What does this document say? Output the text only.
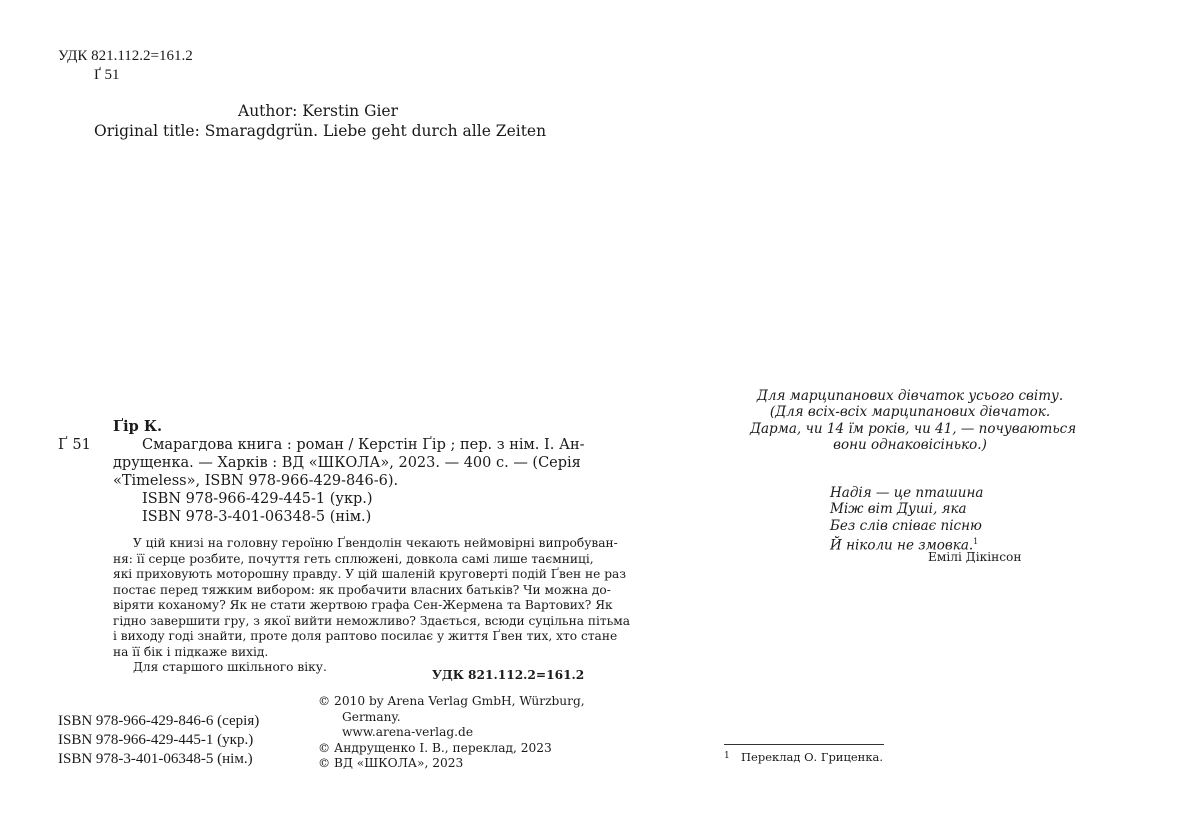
УДК 821.112.2=161.2
Ґ 51
Author: Kerstin Gier
Original title: Smaragdgrün. Liebe geht durch alle Zeiten
Ґір К.
Ґ 51	Смарагдова книга : роман / Керстін Ґір ; пер. з нім. І. Ан-
друщенка. — Харків : ВД «ШКОЛА», 2023. — 400 с. — (Серія
«Timeless», ISBN 978-966-429-846-6).
ISBN 978-966-429-445-1 (укр.)
ISBN 978-3-401-06348-5 (нім.)

У цій книзі на головну героїню Ґвендолін чекають неймовірні випробуван-

ня: її серце розбите, почуття геть сплюжені, довкола самі лише таємниці,

які приховують моторошну правду. У цій шаленій круговерті подій Ґвен не раз

постає перед тяжким вибором: як пробачити власних батьків? Чи можна до-

віряти коханому? Як не стати жертвою графа Сен-Жермена та Вартових? Як

гідно завершити гру, з якої вийти неможливо? Здається, всюди суцільна пітьма

і виходу годі знайти, проте доля раптово посилає у життя Ґвен тих, хто стане

на її бік і підкаже вихід.

Для старшого шкільного віку.

УДК 821.112.2=161.2
ISBN 978-966-429-846-6 (серія)
ISBN 978-966-429-445-1 (укр.)
ISBN 978-3-401-06348-5 (нім.)
© 2010 by Arena Verlag GmbH, Würzburg,
Germany.
www.arena-verlag.de
© Андрущенко І. В., переклад, 2023
© ВД «ШКОЛА», 2023
Для марципанових дівчаток усього світу.
(Для всіх-всіх марципанових дівчаток.
Дарма, чи 14 їм років, чи 41, — почуваються
вони однаковісінько.)
Надія — це пташина
Між віт Душі, яка
Без слів співає пісню
Й ніколи не змовка.$^1$
Емілі Дікінсон
1 Переклад О. Гриценка.
